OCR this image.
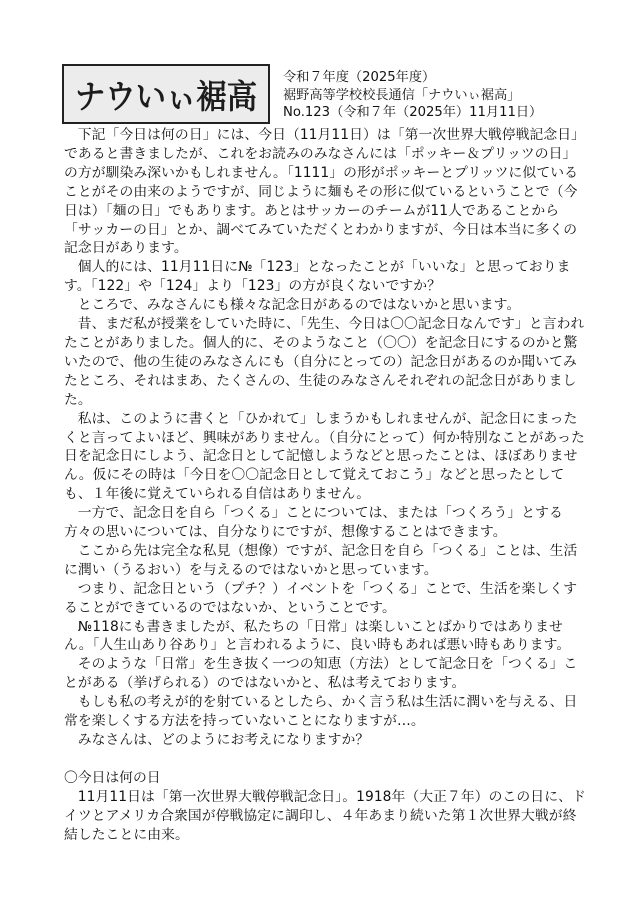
ナウいぃ裾高 令和７年度（2025年度）
裾野高等学校校長通信「ナウいぃ裾高」
No.123（令和７年（2025年）11月11日）

下記「今日は何の日」には、今日（11月11日）は「第一次世界大戦停戦記念日」であると書きましたが、これをお読みのみなさんには「ポッキー＆プリッツの日」の方が馴染み深いかもしれません。「1111」の形がポッキーとプリッツに似ていることがその由来のようですが、同じように麺もその形に似ているということで（今日は）「麺の日」でもあります。あとはサッカーのチームが11人であることから「サッカーの日」とか、調べてみていただくとわかりますが、今日は本当に多くの記念日があります。

個人的には、11月11日に№「123」となったことが「いいな」と思っております。「122」や「124」より「123」の方が良くないですか？

ところで、みなさんにも様々な記念日があるのではないかと思います。

昔、まだ私が授業をしていた時に、「先生、今日は〇〇記念日なんです」と言われたことがありました。個人的に、そのようなこと（〇〇）を記念日にするのかと驚いたので、他の生徒のみなさんにも（自分にとっての）記念日があるのか聞いてみたところ、それはまあ、たくさんの、生徒のみなさんそれぞれの記念日がありました。

私は、このように書くと「ひかれて」しまうかもしれませんが、記念日にまったくと言ってよいほど、興味がありません。（自分にとって）何か特別なことがあった日を記念日にしよう、記念日として記憶しようなどと思ったことは、ほぼありません。仮にその時は「今日を〇〇記念日として覚えておこう」などと思ったとしても、１年後に覚えていられる自信はありません。

一方で、記念日を自ら「つくる」ことについては、または「つくろう」とする方々の思いについては、自分なりにですが、想像することはできます。

ここから先は完全な私見（想像）ですが、記念日を自ら「つくる」ことは、生活に潤い（うるおい）を与えるのではないかと思っています。

つまり、記念日という（プチ？）イベントを「つくる」ことで、生活を楽しくすることができているのではないか、ということです。

№118にも書きましたが、私たちの「日常」は楽しいことばかりではありません。「人生山あり谷あり」と言われるように、良い時もあれば悪い時もあります。

そのような「日常」を生き抜く一つの知恵（方法）として記念日を「つくる」ことがある（挙げられる）のではないかと、私は考えております。

もしも私の考えが的を射ているとしたら、かく言う私は生活に潤いを与える、日常を楽しくする方法を持っていないことになりますが…。

みなさんは、どのようにお考えになりますか？

〇今日は何の日

11月11日は「第一次世界大戦停戦記念日」。1918年（大正７年）のこの日に、ドイツとアメリカ合衆国が停戦協定に調印し、４年あまり続いた第１次世界大戦が終結したことに由来。
